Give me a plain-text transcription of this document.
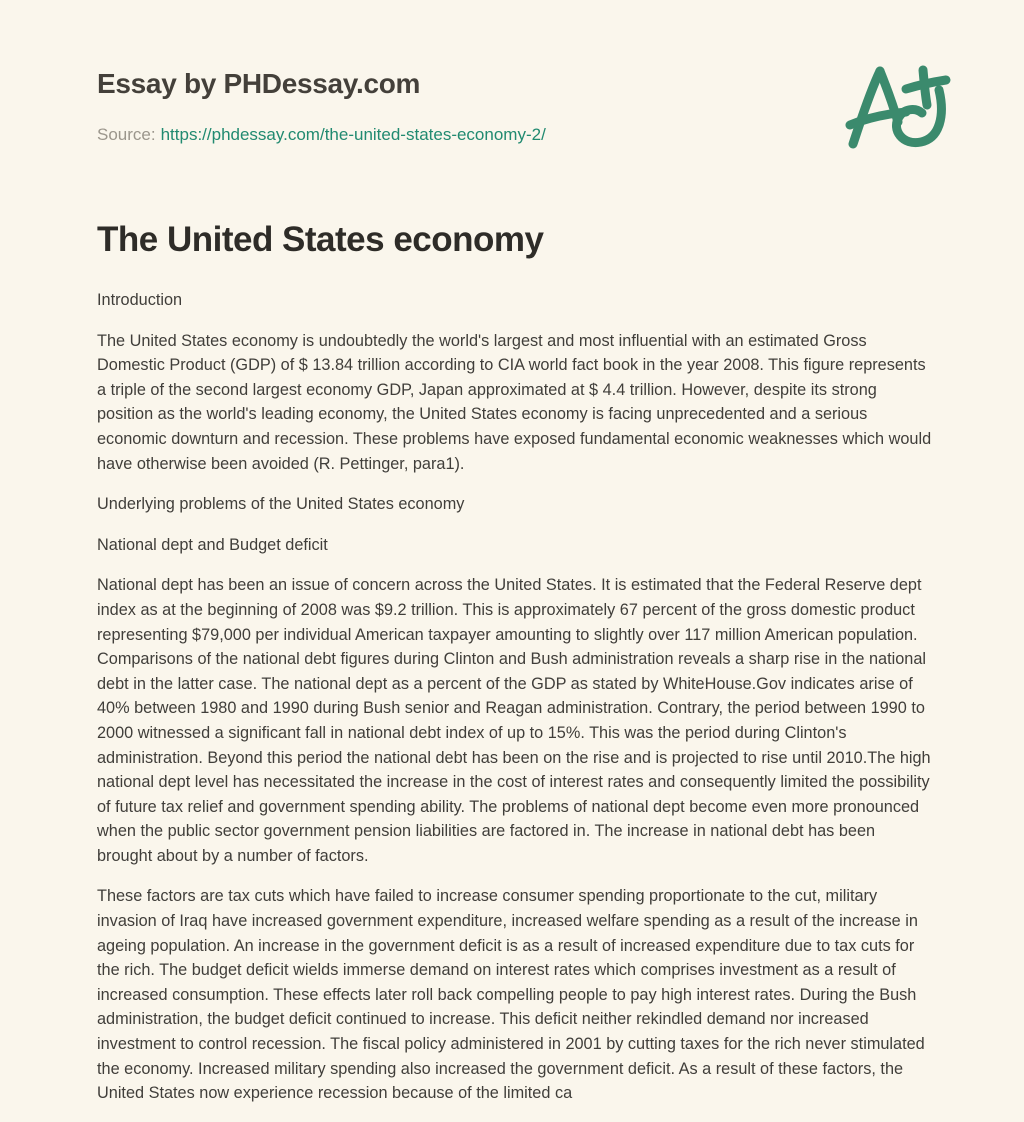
Essay by PHDessay.com
Source: https://phdessay.com/the-united-states-economy-2/
The United States economy

Introduction

The United States economy is undoubtedly the world's largest and most influential with an estimated Gross Domestic Product (GDP) of $ 13.84 trillion according to CIA world fact book in the year 2008. This figure represents a triple of the second largest economy GDP, Japan approximated at $ 4.4 trillion. However, despite its strong position as the world's leading economy, the United States economy is facing unprecedented and a serious economic downturn and recession. These problems have exposed fundamental economic weaknesses which would have otherwise been avoided (R. Pettinger, para1).

Underlying problems of the United States economy

National dept and Budget deficit

National dept has been an issue of concern across the United States. It is estimated that the Federal Reserve dept index as at the beginning of 2008 was $9.2 trillion. This is approximately 67 percent of the gross domestic product representing $79,000 per individual American taxpayer amounting to slightly over 117 million American population. Comparisons of the national debt figures during Clinton and Bush administration reveals a sharp rise in the national debt in the latter case. The national dept as a percent of the GDP as stated by WhiteHouse.Gov indicates arise of 40% between 1980 and 1990 during Bush senior and Reagan administration. Contrary, the period between 1990 to 2000 witnessed a significant fall in national debt index of up to 15%. This was the period during Clinton's administration. Beyond this period the national debt has been on the rise and is projected to rise until 2010.The high national dept level has necessitated the increase in the cost of interest rates and consequently limited the possibility of future tax relief and government spending ability. The problems of national dept become even more pronounced when the public sector government pension liabilities are factored in. The increase in national debt has been brought about by a number of factors.

These factors are tax cuts which have failed to increase consumer spending proportionate to the cut, military invasion of Iraq have increased government expenditure, increased welfare spending as a result of the increase in ageing population. An increase in the government deficit is as a result of increased expenditure due to tax cuts for the rich. The budget deficit wields immerse demand on interest rates which comprises investment as a result of increased consumption. These effects later roll back compelling people to pay high interest rates. During the Bush administration, the budget deficit continued to increase. This deficit neither rekindled demand nor increased investment to control recession. The fiscal policy administered in 2001 by cutting taxes for the rich never stimulated the economy. Increased military spending also increased the government deficit. As a result of these factors, the United States now experience recession because of the limited ca
